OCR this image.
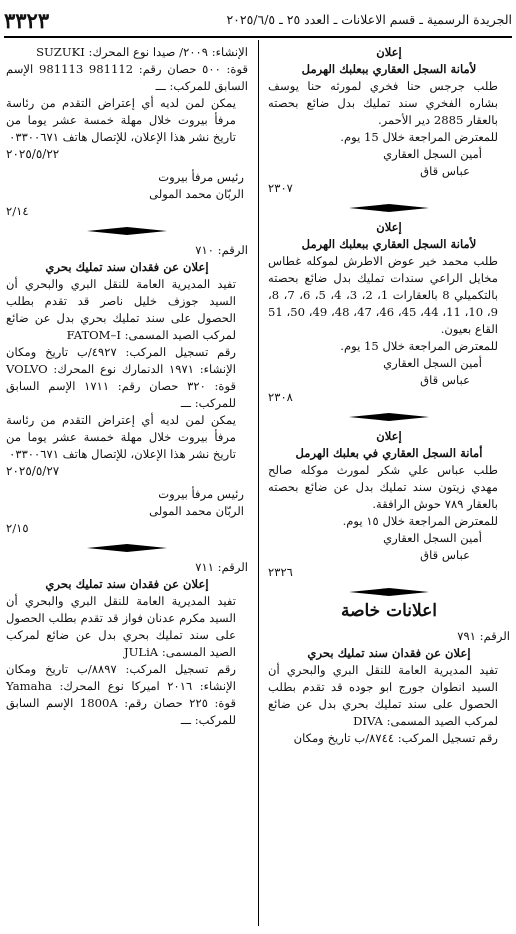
الجريدة الرسمية ـ قسم الاعلانات ـ العدد ٢٥ ـ ٢٠٢٥/٦/٥
٣٣٢٣
إعلان
لأمانة السجل العقاري ببعلبك الهرمل
طلب جرجس حنا فخري لمورثه حنا يوسف بشاره الفخري سند تمليك بدل ضائع بحصته بالعقار 2885 دير الأحمر.
للمعترض المراجعة خلال 15 يوم.
أمين السجل العقاري
عباس قاق
٢٣٠٧
إعلان
لأمانة السجل العقاري ببعلبك الهرمل
طلب محمد خير عوض الاطرش لموكله غطاس مخايل الراعي سندات تمليك بدل ضائع بحصته بالتكميلي 8 بالعقارات 1، 2، 3، 4، 5، 6، 7، 8، 9، 10، 11، 44، 45، 46، 47، 48، 49، 50، 51 القاع بعيون.
للمعترض المراجعة خلال 15 يوم.
أمين السجل العقاري
عباس قاق
٢٣٠٨
إعلان
أمانة السجل العقاري في بعلبك الهرمل
طلب عباس علي شكر لمورث موكله صالح مهدي زيتون سند تمليك بدل عن ضائع بحصته بالعقار ٧٨٩ حوش الرافقة.
للمعترض المراجعة خلال ١٥ يوم.
أمين السجل العقاري
عباس قاق
٢٣٢٦
اعلانات خاصة
الرقم: ٧٩١
إعلان عن فقدان سند تمليك بحري
تفيد المديرية العامة للنقل البري والبحري أن السيد انطوان جورج ابو جوده قد تقدم بطلب الحصول على سند تمليك بحري بدل عن ضائع لمركب الصيد المسمى: DIVA
رقم تسجيل المركب: ٨٧٤٤/ب تاريخ ومكان
الإنشاء: ٢٠٠٩/ صيدا نوع المحرك: SUZUKI
قوة: ٥٠٠ حصان رقم: 981112 981113 الإسم السابق للمركب: ـــ
يمكن لمن لديه أي إعتراض التقدم من رئاسة مرفأ بيروت خلال مهلة خمسة عشر يوما من تاريخ نشر هذا الإعلان، للإتصال هاتف ٠٣٣٠٠٦٧١
٢٠٢٥/٥/٢٢
رئيس مرفأ بيروت
الربّان محمد المولى
٢/١٤
الرقم: ٧١٠
إعلان عن فقدان سند تمليك بحري
تفيد المديرية العامة للنقل البري والبحري أن السيد جوزف خليل ناصر قد تقدم بطلب الحصول على سند تمليك بحري بدل عن ضائع لمركب الصيد المسمى: FATOM–I
رقم تسجيل المركب: ٤٩٢٧/ب تاريخ ومكان الإنشاء: ١٩٧١ الدنمارك نوع المحرك: VOLVO قوة: ٣٢٠ حصان رقم: ١٧١١ الإسم السابق للمركب: ـــ
يمكن لمن لديه أي إعتراض التقدم من رئاسة مرفأ بيروت خلال مهلة خمسة عشر يوما من تاريخ نشر هذا الإعلان، للإتصال هاتف ٠٣٣٠٠٦٧١
٢٠٢٥/٥/٢٧
رئيس مرفأ بيروت
الربّان محمد المولى
٢/١٥
الرقم: ٧١١
إعلان عن فقدان سند تمليك بحري
تفيد المديرية العامة للنقل البري والبحري أن السيد مكرم عدنان فواز قد تقدم بطلب الحصول على سند تمليك بحري بدل عن ضائع لمركب الصيد المسمى: JULiA
رقم تسجيل المركب: ٨٨٩٧/ب تاريخ ومكان الإنشاء: ٢٠١٦ اميركا نوع المحرك: Yamaha قوة: ٢٢٥ حصان رقم: 1800A الإسم السابق للمركب: ـــ
